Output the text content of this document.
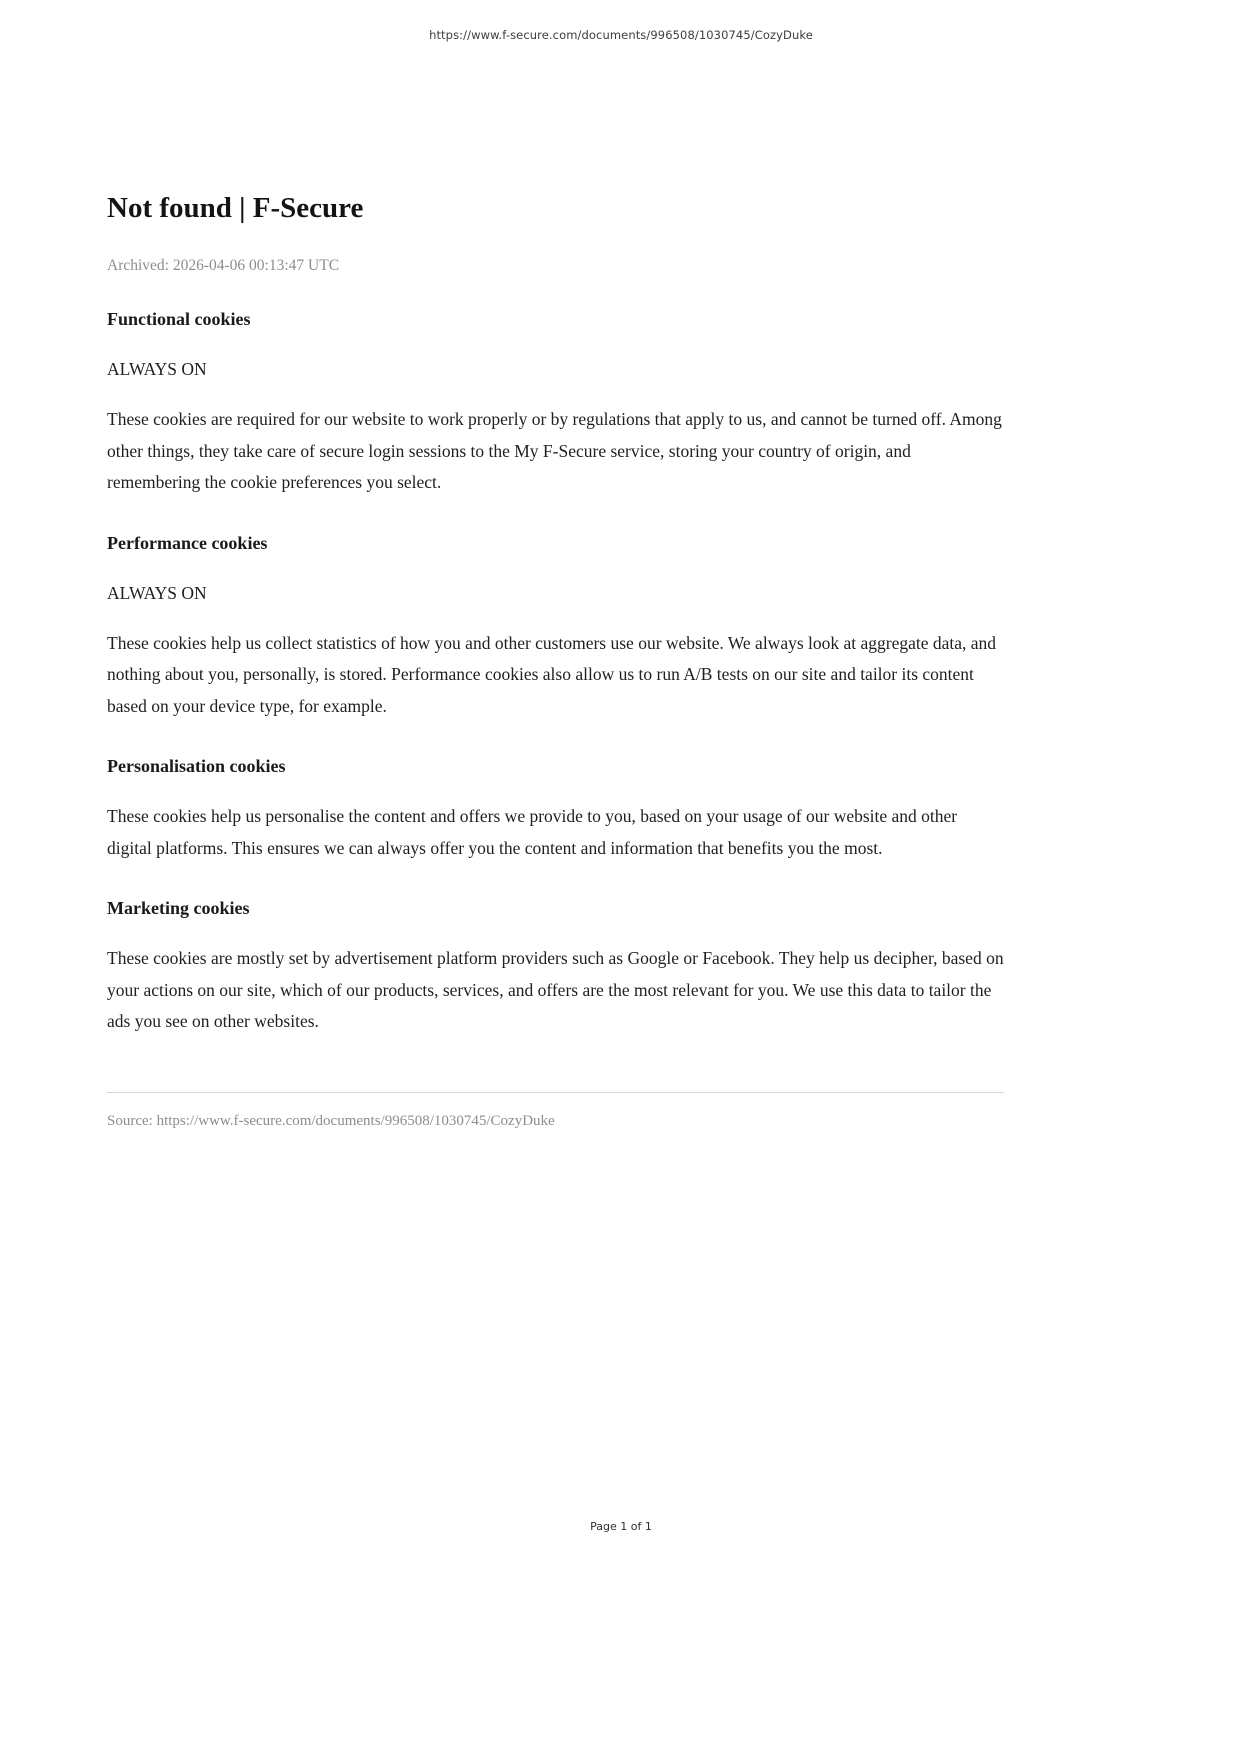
https://www.f-secure.com/documents/996508/1030745/CozyDuke
Not found | F-Secure
Archived: 2026-04-06 00:13:47 UTC
Functional cookies
ALWAYS ON
These cookies are required for our website to work properly or by regulations that apply to us, and cannot be turned off. Among other things, they take care of secure login sessions to the My F-Secure service, storing your country of origin, and remembering the cookie preferences you select.
Performance cookies
ALWAYS ON
These cookies help us collect statistics of how you and other customers use our website. We always look at aggregate data, and nothing about you, personally, is stored. Performance cookies also allow us to run A/B tests on our site and tailor its content based on your device type, for example.
Personalisation cookies
These cookies help us personalise the content and offers we provide to you, based on your usage of our website and other digital platforms. This ensures we can always offer you the content and information that benefits you the most.
Marketing cookies
These cookies are mostly set by advertisement platform providers such as Google or Facebook. They help us decipher, based on your actions on our site, which of our products, services, and offers are the most relevant for you. We use this data to tailor the ads you see on other websites.
Source: https://www.f-secure.com/documents/996508/1030745/CozyDuke
Page 1 of 1
